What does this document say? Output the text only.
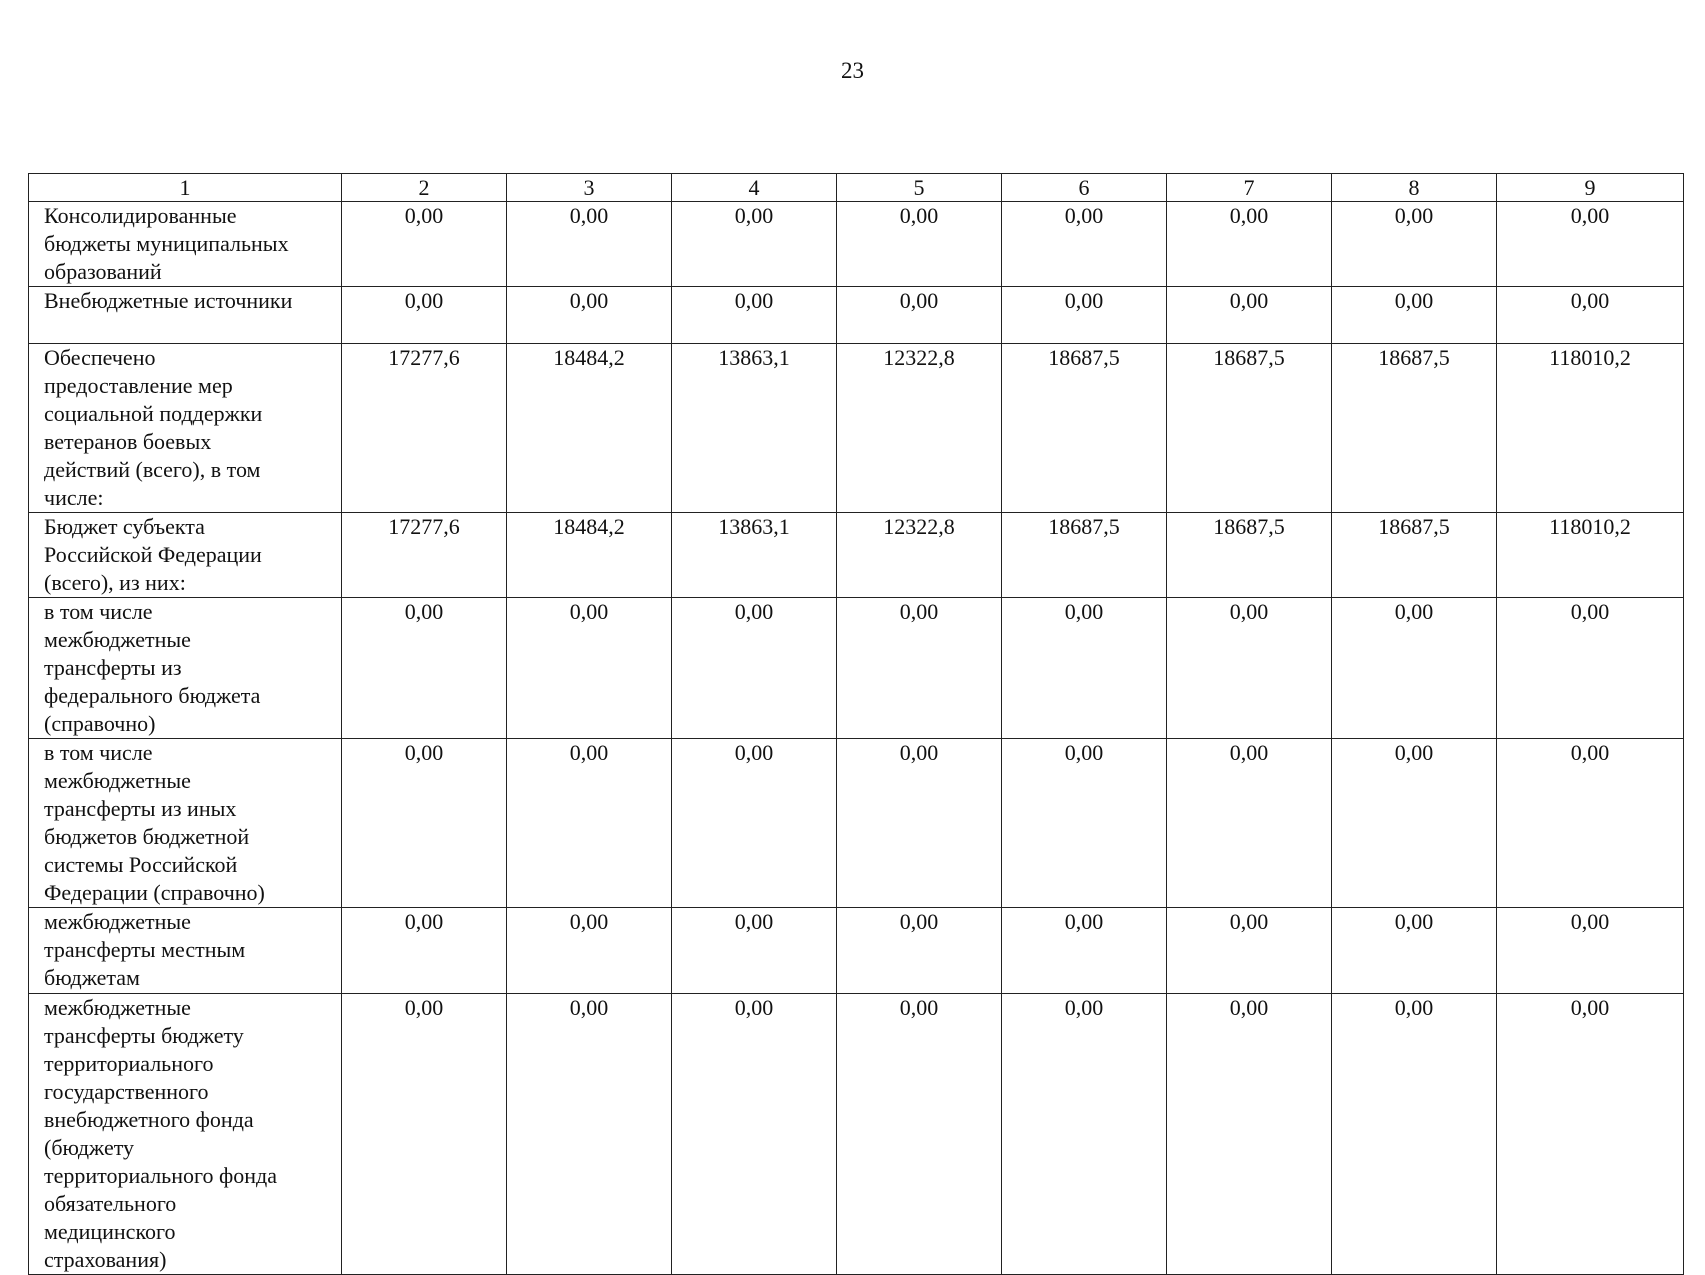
23
1	2	3	4	5	6	7	8	9

Консолидированные бюджеты муниципальных образований	0,00	0,00	0,00	0,00	0,00	0,00	0,00	0,00

Внебюджетные источники	0,00	0,00	0,00	0,00	0,00	0,00	0,00	0,00

Обеспечено предоставление мер социальной поддержки ветеранов боевых действий (всего), в том числе:	17277,6	18484,2	13863,1	12322,8	18687,5	18687,5	18687,5	118010,2

Бюджет субъекта Российской Федерации (всего), из них:	17277,6	18484,2	13863,1	12322,8	18687,5	18687,5	18687,5	118010,2

в том числе межбюджетные трансферты из федерального бюджета (справочно)	0,00	0,00	0,00	0,00	0,00	0,00	0,00	0,00

в том числе межбюджетные трансферты из иных бюджетов бюджетной системы Российской Федерации (справочно)	0,00	0,00	0,00	0,00	0,00	0,00	0,00	0,00

межбюджетные трансферты местным бюджетам	0,00	0,00	0,00	0,00	0,00	0,00	0,00	0,00

межбюджетные трансферты бюджету территориального государственного внебюджетного фонда (бюджету территориального фонда обязательного медицинского страхования)	0,00	0,00	0,00	0,00	0,00	0,00	0,00	0,00
